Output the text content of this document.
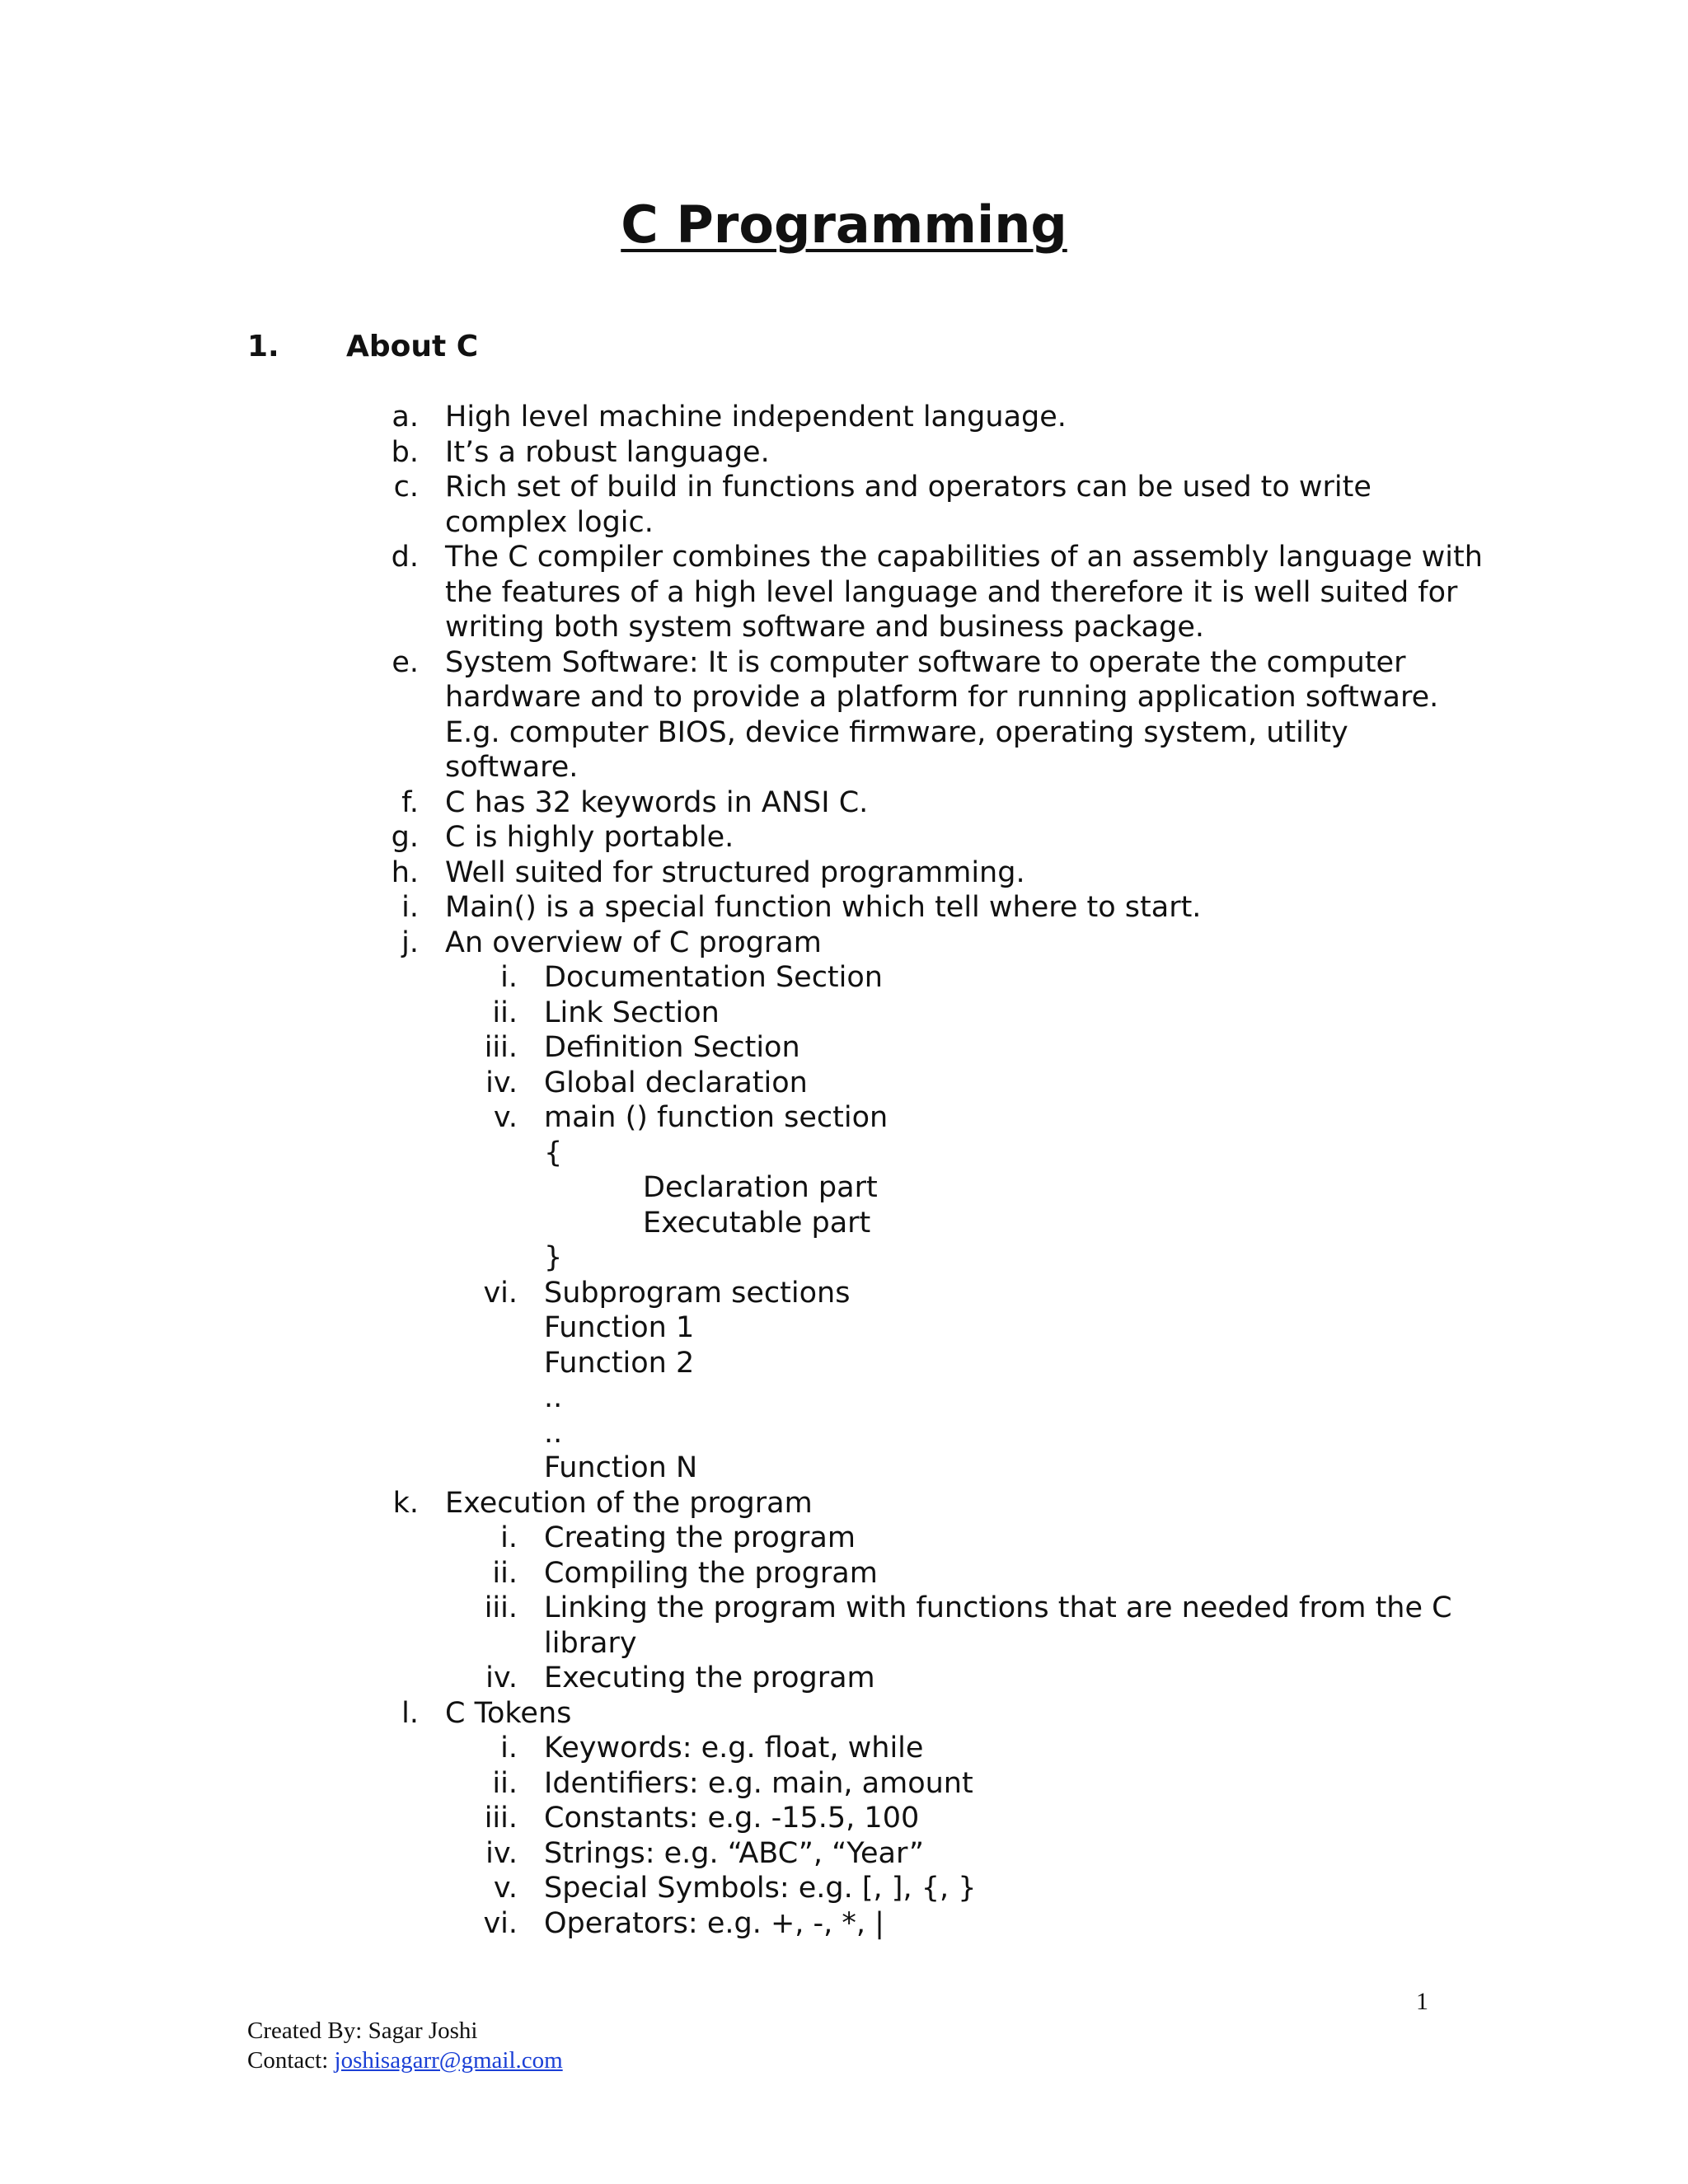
C Programming
1. About C
a. High level machine independent language.
b. It’s a robust language.
c. Rich set of build in functions and operators can be used to write
complex logic.
d. The C compiler combines the capabilities of an assembly language with
the features of a high level language and therefore it is well suited for
writing both system software and business package.
e. System Software: It is computer software to operate the computer
hardware and to provide a platform for running application software.
E.g. computer BIOS, device firmware, operating system, utility
software.
f. C has 32 keywords in ANSI C.
g. C is highly portable.
h. Well suited for structured programming.
i. Main() is a special function which tell where to start.
j. An overview of C program
i. Documentation Section
ii. Link Section
iii. Definition Section
iv. Global declaration
v. main () function section
{
Declaration part
Executable part
}
vi. Subprogram sections
Function 1
Function 2
..
..
Function N
k. Execution of the program
i. Creating the program
ii. Compiling the program
iii. Linking the program with functions that are needed from the C
library
iv. Executing the program
l. C Tokens
i. Keywords: e.g. float, while
ii. Identifiers: e.g. main, amount
iii. Constants: e.g. -15.5, 100
iv. Strings: e.g. “ABC”, “Year”
v. Special Symbols: e.g. [, ], {, }
vi. Operators: e.g. +, -, *, |
1
Created By: Sagar Joshi
Contact: joshisagarr@gmail.com
